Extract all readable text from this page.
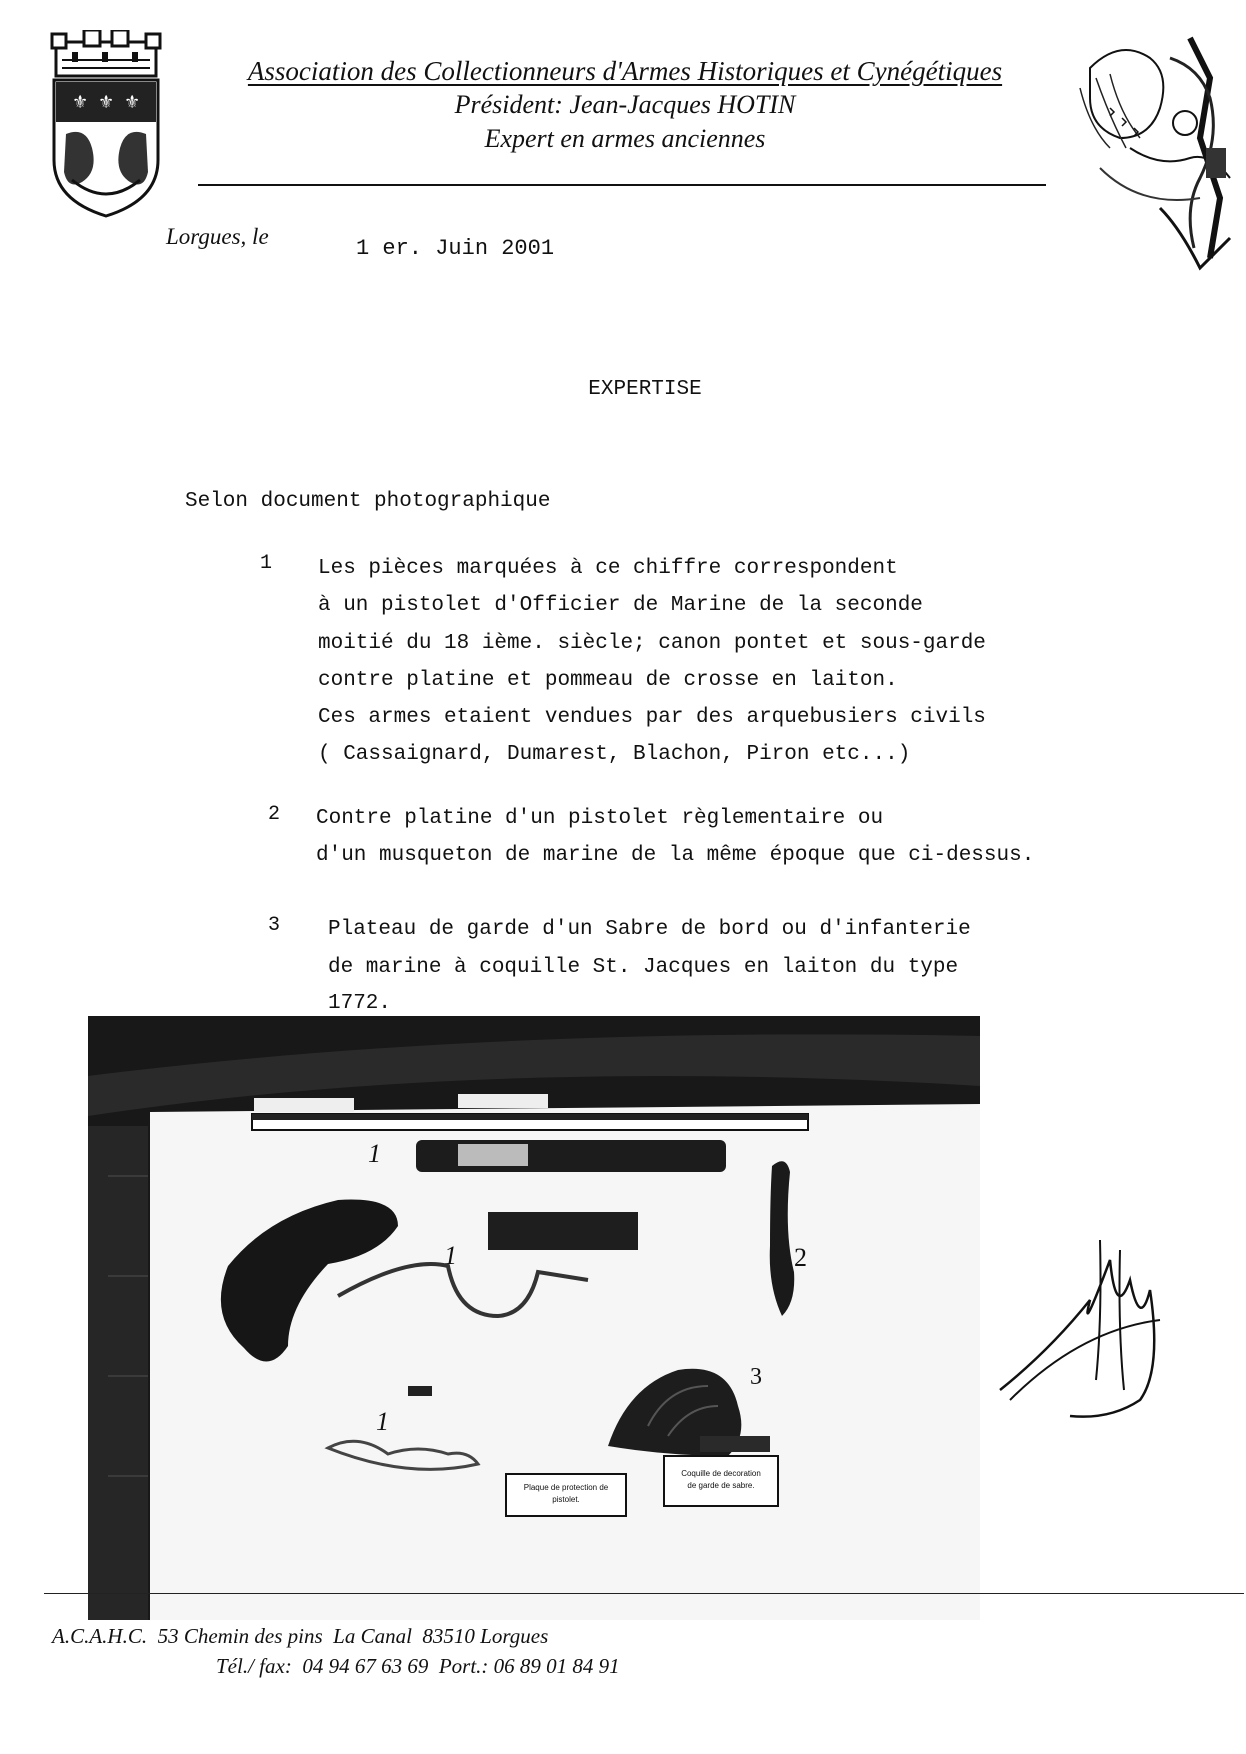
⚜ ⚜ ⚜
Association des Collectionneurs d'Armes Historiques et Cynégétiques
Président: Jean-Jacques HOTIN
Expert en armes anciennes
Lorgues, le	1 er. Juin 2001
EXPERTISE
Selon document photographique
1 Les pièces marquées à ce chiffre correspondent
à un pistolet d'Officier de Marine de la seconde
moitié du 18 ième. siècle; canon pontet et sous-garde
contre platine et pommeau de crosse en laiton.
Ces armes etaient vendues par des arquebusiers civils
( Cassaignard, Dumarest, Blachon, Piron etc...)
2 Contre platine d'un pistolet règlementaire ou
d'un musqueton de marine de la même époque que ci-dessus.
3 Plateau de garde d'un Sabre de bord ou d'infanterie
de marine à coquille St. Jacques en laiton du type
1772.
Plaque de protection de
pistolet.
Coquille de decoration
de garde de sabre.
1
1
1
2
3
A.C.A.H.C.  53 Chemin des pins  La Canal  83510 Lorgues
Tél./ fax:  04 94 67 63 69  Port.: 06 89 01 84 91
